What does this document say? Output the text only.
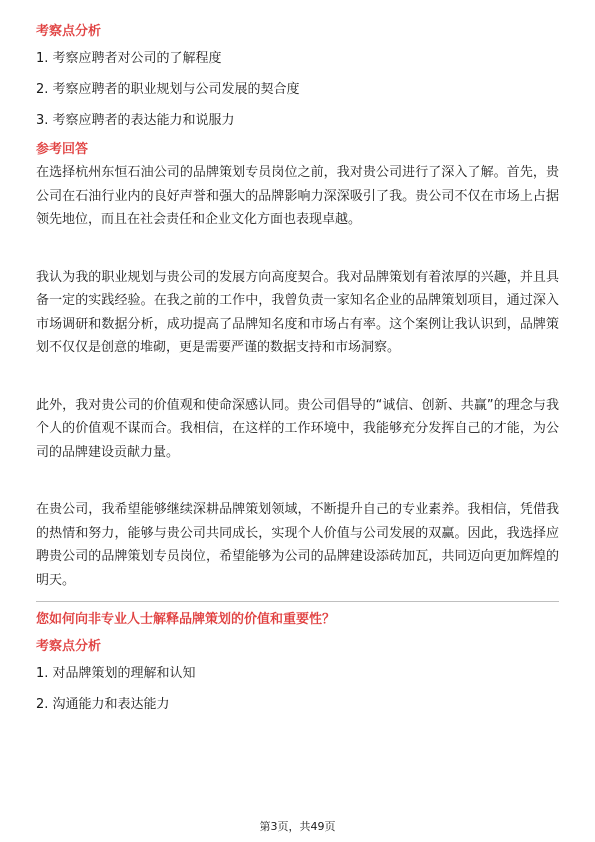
考察点分析
1. 考察应聘者对公司的了解程度
2. 考察应聘者的职业规划与公司发展的契合度
3. 考察应聘者的表达能力和说服力
参考回答

在选择杭州东恒石油公司的品牌策划专员岗位之前，我对贵公司进行了深入了解。首先，贵公司在石油行业内的良好声誉和强大的品牌影响力深深吸引了我。贵公司不仅在市场上占据领先地位，而且在社会责任和企业文化方面也表现卓越。

我认为我的职业规划与贵公司的发展方向高度契合。我对品牌策划有着浓厚的兴趣，并且具备一定的实践经验。在我之前的工作中，我曾负责一家知名企业的品牌策划项目，通过深入市场调研和数据分析，成功提高了品牌知名度和市场占有率。这个案例让我认识到，品牌策划不仅仅是创意的堆砌，更是需要严谨的数据支持和市场洞察。

此外，我对贵公司的价值观和使命深感认同。贵公司倡导的“诚信、创新、共赢”的理念与我个人的价值观不谋而合。我相信，在这样的工作环境中，我能够充分发挥自己的才能，为公司的品牌建设贡献力量。

在贵公司，我希望能够继续深耕品牌策划领域，不断提升自己的专业素养。我相信，凭借我的热情和努力，能够与贵公司共同成长，实现个人价值与公司发展的双赢。因此，我选择应聘贵公司的品牌策划专员岗位，希望能够为公司的品牌建设添砖加瓦，共同迈向更加辉煌的明天。

您如何向非专业人士解释品牌策划的价值和重要性？
考察点分析
1. 对品牌策划的理解和认知
2. 沟通能力和表达能力
第3页，共49页
